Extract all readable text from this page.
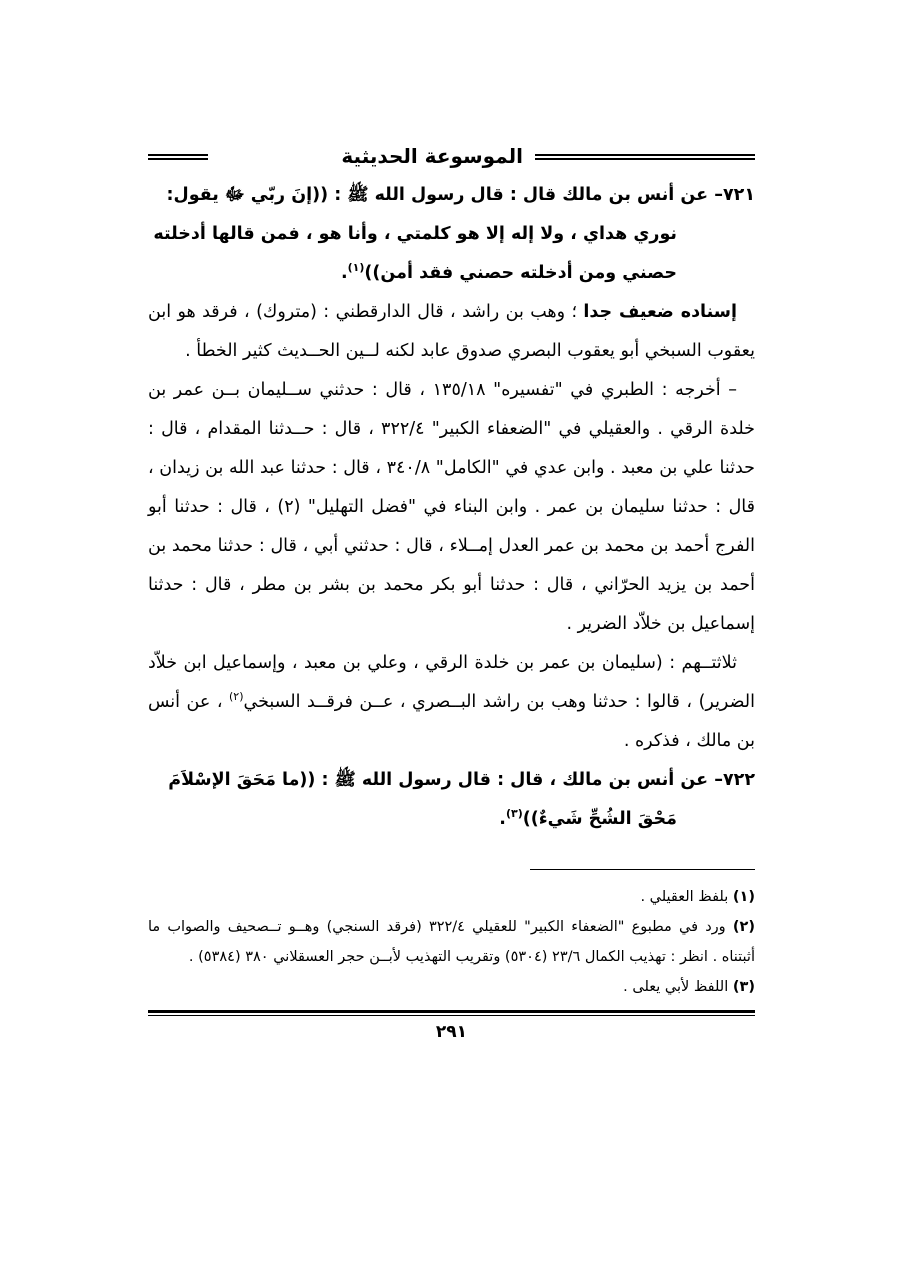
الموسوعة الحديثية
٧٢١– عن أنس بن مالك قال : قال رسول الله ﷺ : ((إنَ ربّي ﷻ يقول:
نوري هداي ، ولا إله إلا هو كلمتي ، وأنا هو ، فمن قالها أدخلته
حصني ومن أدخلته حصني فقد أمن))$^{(١)}$.

إسناده ضعيف جدا ؛ وهب بن راشد ، قال الدارقطني : (متروك) ، فرقد هو ابن يعقوب السبخي أبو يعقوب البصري صدوق عابد لكنه لــين الحــديث كثير الخطأ .

– أخرجه : الطبري في "تفسيره" ١٣٥/١٨ ، قال : حدثني ســليمان بــن عمر بن خلدة الرقي . والعقيلي في "الضعفاء الكبير" ٣٢٢/٤ ، قال : حــدثنا المقدام ، قال : حدثنا علي بن معبد . وابن عدي في "الكامل" ٣٤٠/٨ ، قال : حدثنا عبد الله بن زيدان ، قال : حدثنا سليمان بن عمر . وابن البناء في "فضل التهليل" (٢) ، قال : حدثنا أبو الفرج أحمد بن محمد بن عمر العدل إمــلاء ، قال : حدثني أبي ، قال : حدثنا محمد بن أحمد بن يزيد الحرّاني ، قال : حدثنا أبو بكر محمد بن بشر بن مطر ، قال : حدثنا إسماعيل بن خلاّد الضرير .

ثلاثتــهم : (سليمان بن عمر بن خلدة الرقي ، وعلي بن معبد ، وإسماعيل ابن خلاّد الضرير) ، قالوا : حدثنا وهب بن راشد البــصري ، عــن فرقــد السبخي$^{(٢)}$ ، عن أنس بن مالك ، فذكره .

٧٢٢– عن أنس بن مالك ، قال : قال رسول الله ﷺ : ((ما مَحَقَ الإسْلاَمَ
مَحْقَ الشُحِّ شَيءٌ))$^{(٣)}$.

(١) بلفظ العقيلي .

(٢) ورد في مطبوع "الضعفاء الكبير" للعقيلي ٣٢٢/٤ (فرقد السنجي) وهــو تــصحيف والصواب ما أثبتناه . انظر : تهذيب الكمال ٢٣/٦ (٥٣٠٤) وتقريب التهذيب لأبــن حجر العسقلاني ٣٨٠ (٥٣٨٤) .

(٣) اللفظ لأبي يعلى .

٢٩١
